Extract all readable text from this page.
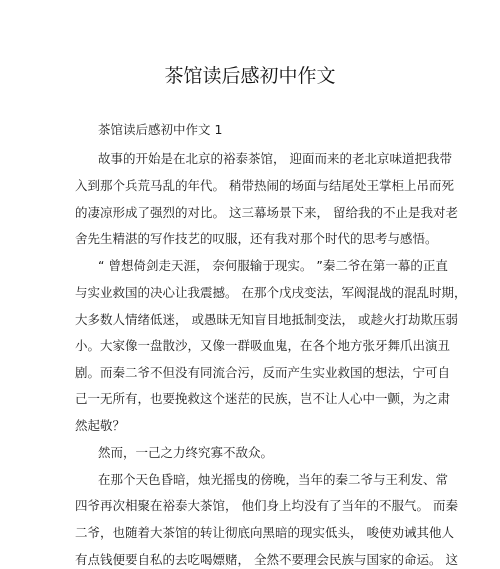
茶馆读后感初中作文
茶馆读后感初中作文 1
故事的开始是在北京的裕泰茶馆， 迎面而来的老北京味道把我带
入到那个兵荒马乱的年代。 稍带热闹的场面与结尾处王掌柜上吊而死
的凄凉形成了强烈的对比。 这三幕场景下来， 留给我的不止是我对老
舍先生精湛的写作技艺的叹服，还有我对那个时代的思考与感悟。
“ 曾想倚剑走天涯， 奈何服输于现实。 ”秦二爷在第一幕的正直
与实业救国的决心让我震撼。 在那个戊戌变法，军阀混战的混乱时期，
大多数人情绪低迷， 或愚昧无知盲目地抵制变法， 或趁火打劫欺压弱
小。大家像一盘散沙，又像一群吸血鬼，在各个地方张牙舞爪出演丑
剧。而秦二爷不但没有同流合污，反而产生实业救国的想法，宁可自
己一无所有，也要挽救这个迷茫的民族，岂不让人心中一颤，为之肃
然起敬？
然而，一己之力终究寡不敌众。
在那个天色昏暗，烛光摇曳的傍晚，当年的秦二爷与王利发、常
四爷再次相聚在裕泰大茶馆， 他们身上均没有了当年的不服气。 而秦
二爷，也随着大茶馆的转让彻底向黑暗的现实低头， 唆使劝诫其他人
有点钱便要自私的去吃喝嫖赌， 全然不要理会民族与国家的命运。 这
